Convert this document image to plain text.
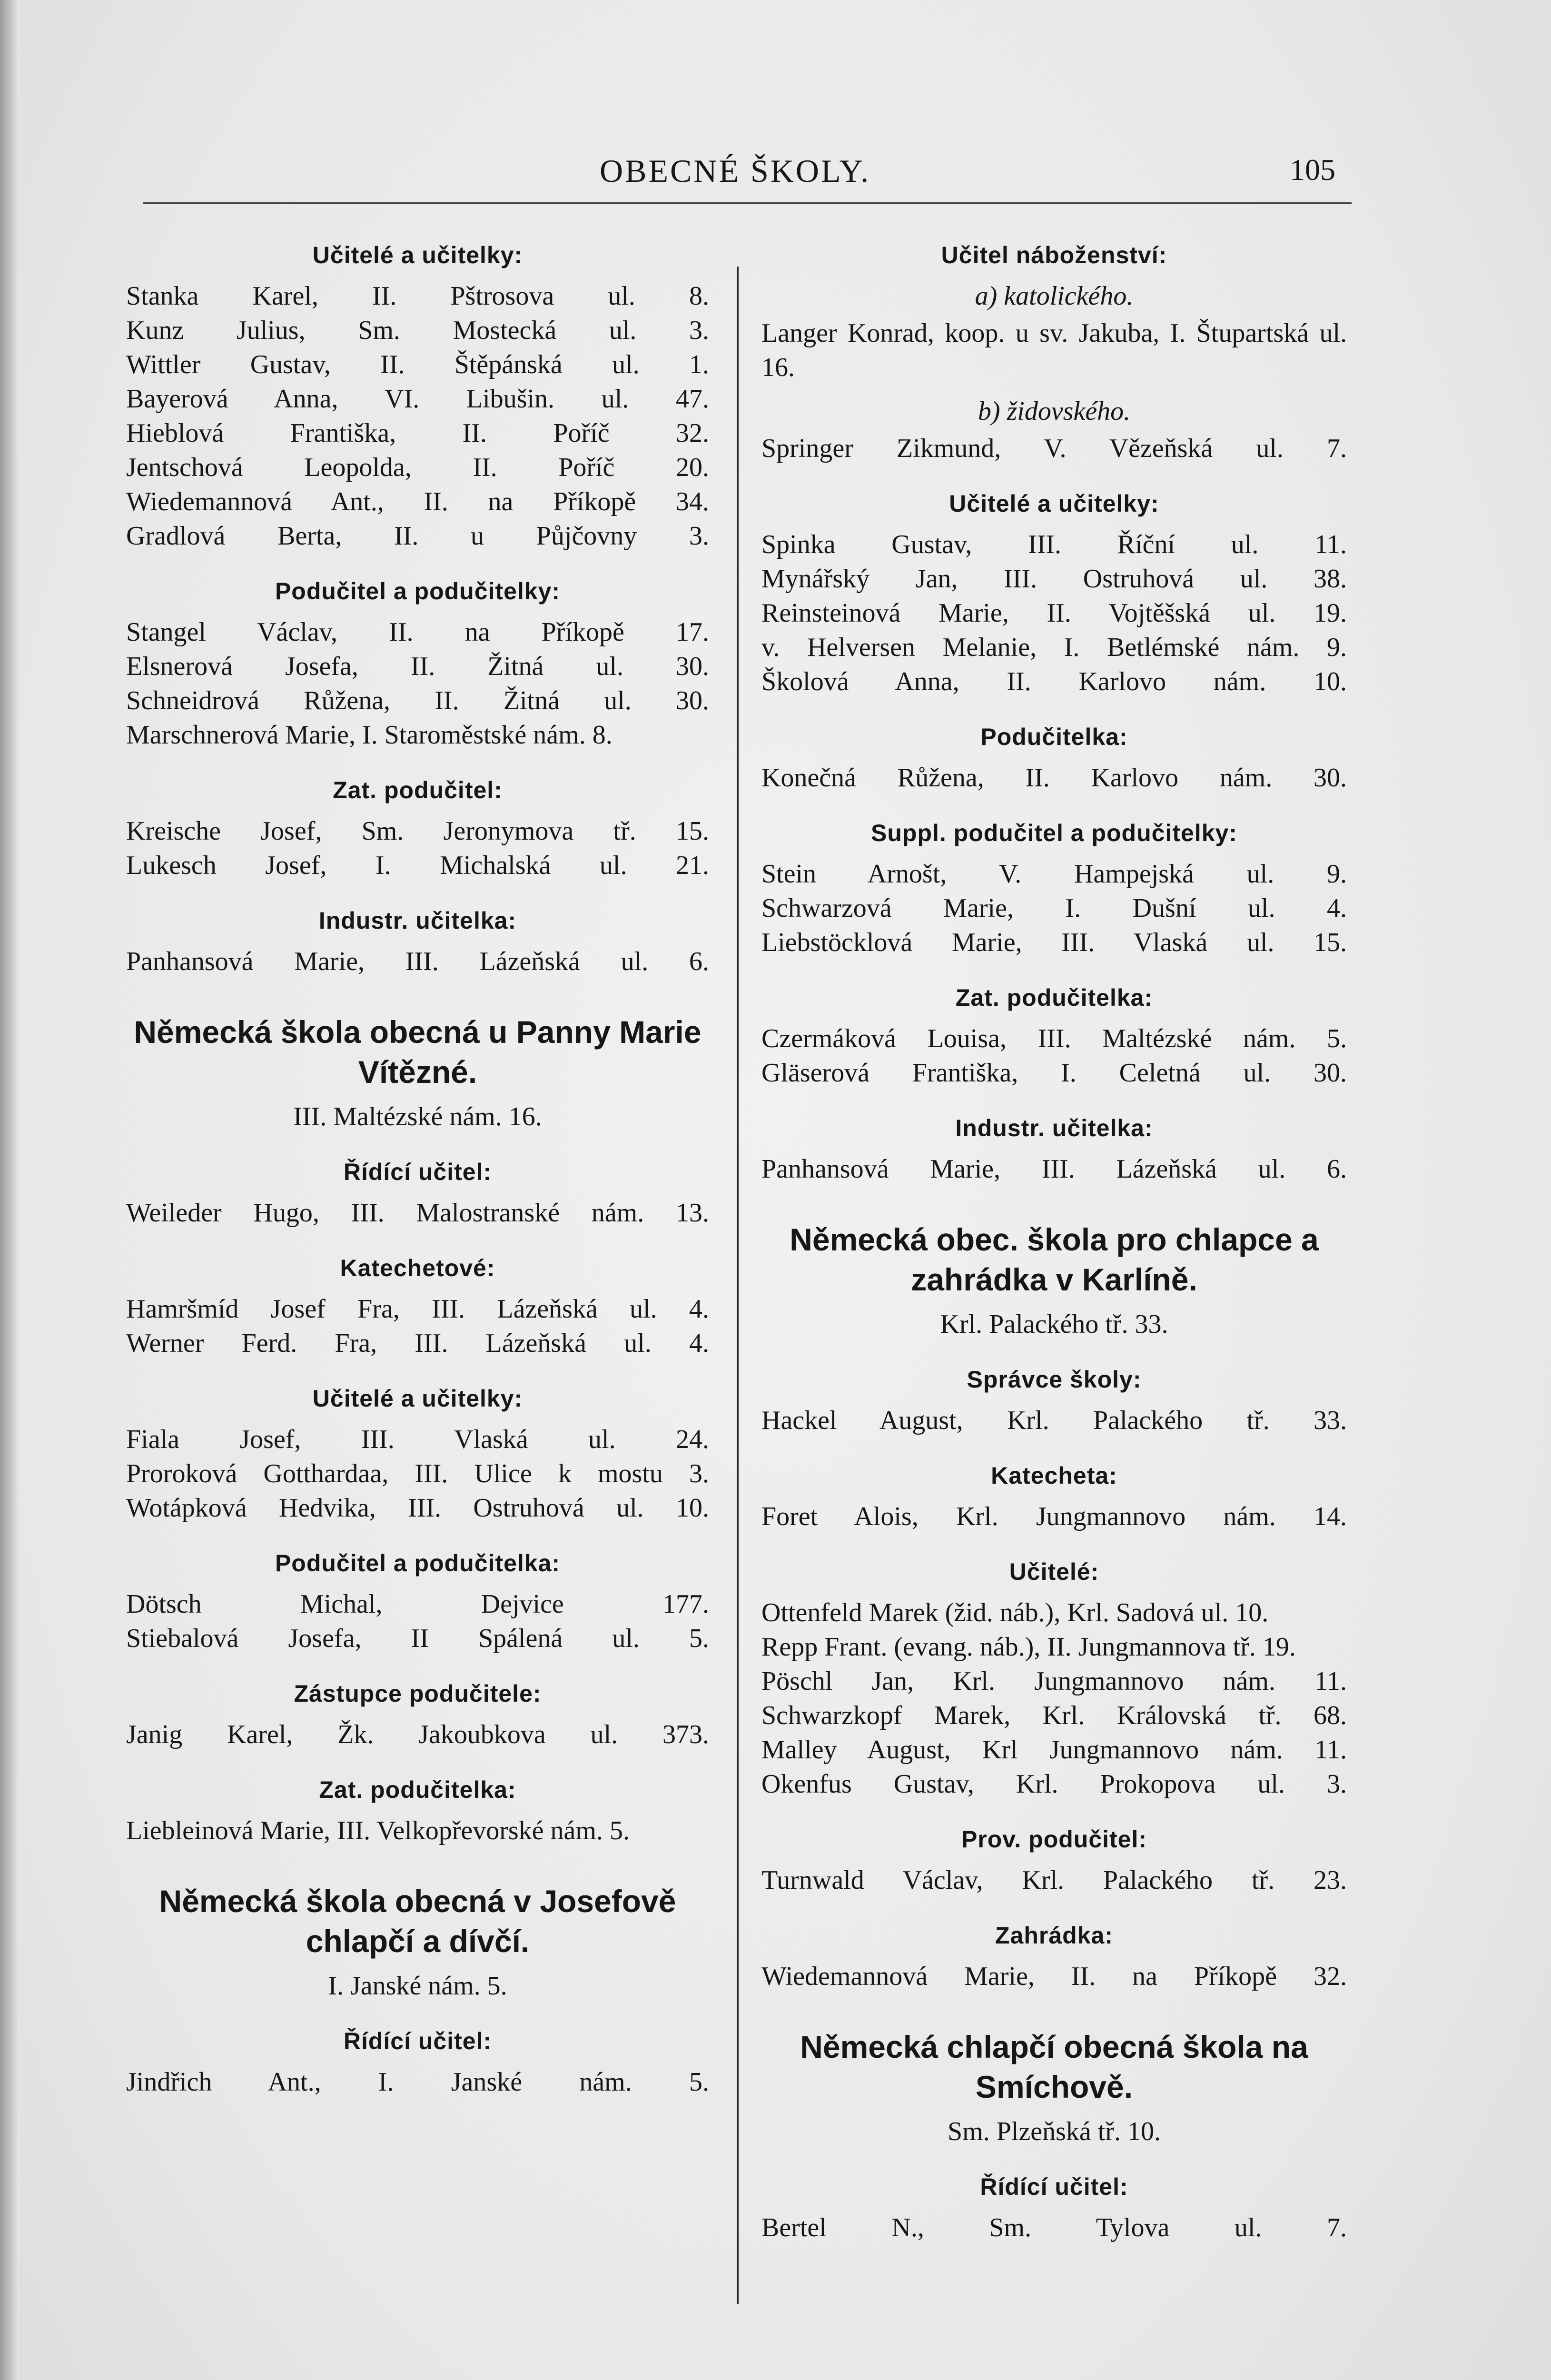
OBECNÉ ŠKOLY.	105
Učitelé a učitelky:
Stanka Karel, II. Pštrosova ul. 8.
Kunz Julius, Sm. Mostecká ul. 3.
Wittler Gustav, II. Štěpánská ul. 1.
Bayerová Anna, VI. Libušin. ul. 47.
Hieblová Františka, II. Poříč 32.
Jentschová Leopolda, II. Poříč 20.
Wiedemannová Ant., II. na Příkopě 34.
Gradlová Berta, II. u Půjčovny 3.
Podučitel a podučitelky:
Stangel Václav, II. na Příkopě 17.
Elsnerová Josefa, II. Žitná ul. 30.
Schneidrová Růžena, II. Žitná ul. 30.
Marschnerová Marie, I. Staroměstské nám. 8.
Zat. podučitel:
Kreische Josef, Sm. Jeronymova tř. 15.
Lukesch Josef, I. Michalská ul. 21.
Industr. učitelka:
Panhansová Marie, III. Lázeňská ul. 6.
Německá škola obecná u Panny Marie Vítězné.
III. Maltézské nám. 16.
Řídící učitel:
Weileder Hugo, III. Malostranské nám. 13.
Katechetové:
Hamršmíd Josef Fra, III. Lázeňská ul. 4.
Werner Ferd. Fra, III. Lázeňská ul. 4.
Učitelé a učitelky:
Fiala Josef, III. Vlaská ul. 24.
Proroková Gotthardaa, III. Ulice k mostu 3.
Wotápková Hedvika, III. Ostruhová ul. 10.
Podučitel a podučitelka:
Dötsch Michal, Dejvice 177.
Stiebalová Josefa, II Spálená ul. 5.
Zástupce podučitele:
Janig Karel, Žk. Jakoubkova ul. 373.
Zat. podučitelka:
Liebleinová Marie, III. Velkopřevorské nám. 5.
Německá škola obecná v Josefově chlapčí a dívčí.
I. Janské nám. 5.
Řídící učitel:
Jindřich Ant., I. Janské nám. 5.
Učitel náboženství:
a) katolického.
Langer Konrad, koop. u sv. Jakuba, I. Štupartská ul. 16.
b) židovského.
Springer Zikmund, V. Vězeňská ul. 7.
Učitelé a učitelky:
Spinka Gustav, III. Říční ul. 11.
Mynářský Jan, III. Ostruhová ul. 38.
Reinsteinová Marie, II. Vojtěšská ul. 19.
v. Helversen Melanie, I. Betlémské nám. 9.
Školová Anna, II. Karlovo nám. 10.
Podučitelka:
Konečná Růžena, II. Karlovo nám. 30.
Suppl. podučitel a podučitelky:
Stein Arnošt, V. Hampejská ul. 9.
Schwarzová Marie, I. Dušní ul. 4.
Liebstöcklová Marie, III. Vlaská ul. 15.
Zat. podučitelka:
Czermáková Louisa, III. Maltézské nám. 5.
Gläserová Františka, I. Celetná ul. 30.
Industr. učitelka:
Panhansová Marie, III. Lázeňská ul. 6.
Německá obec. škola pro chlapce a zahrádka v Karlíně.
Krl. Palackého tř. 33.
Správce školy:
Hackel August, Krl. Palackého tř. 33.
Katecheta:
Foret Alois, Krl. Jungmannovo nám. 14.
Učitelé:
Ottenfeld Marek (žid. náb.), Krl. Sadová ul. 10.
Repp Frant. (evang. náb.), II. Jungmannova tř. 19.
Pöschl Jan, Krl. Jungmannovo nám. 11.
Schwarzkopf Marek, Krl. Královská tř. 68.
Malley August, Krl Jungmannovo nám. 11.
Okenfus Gustav, Krl. Prokopova ul. 3.
Prov. podučitel:
Turnwald Václav, Krl. Palackého tř. 23.
Zahrádka:
Wiedemannová Marie, II. na Příkopě 32.
Německá chlapčí obecná škola na Smíchově.
Sm. Plzeňská tř. 10.
Řídící učitel:
Bertel N., Sm. Tylova ul. 7.
